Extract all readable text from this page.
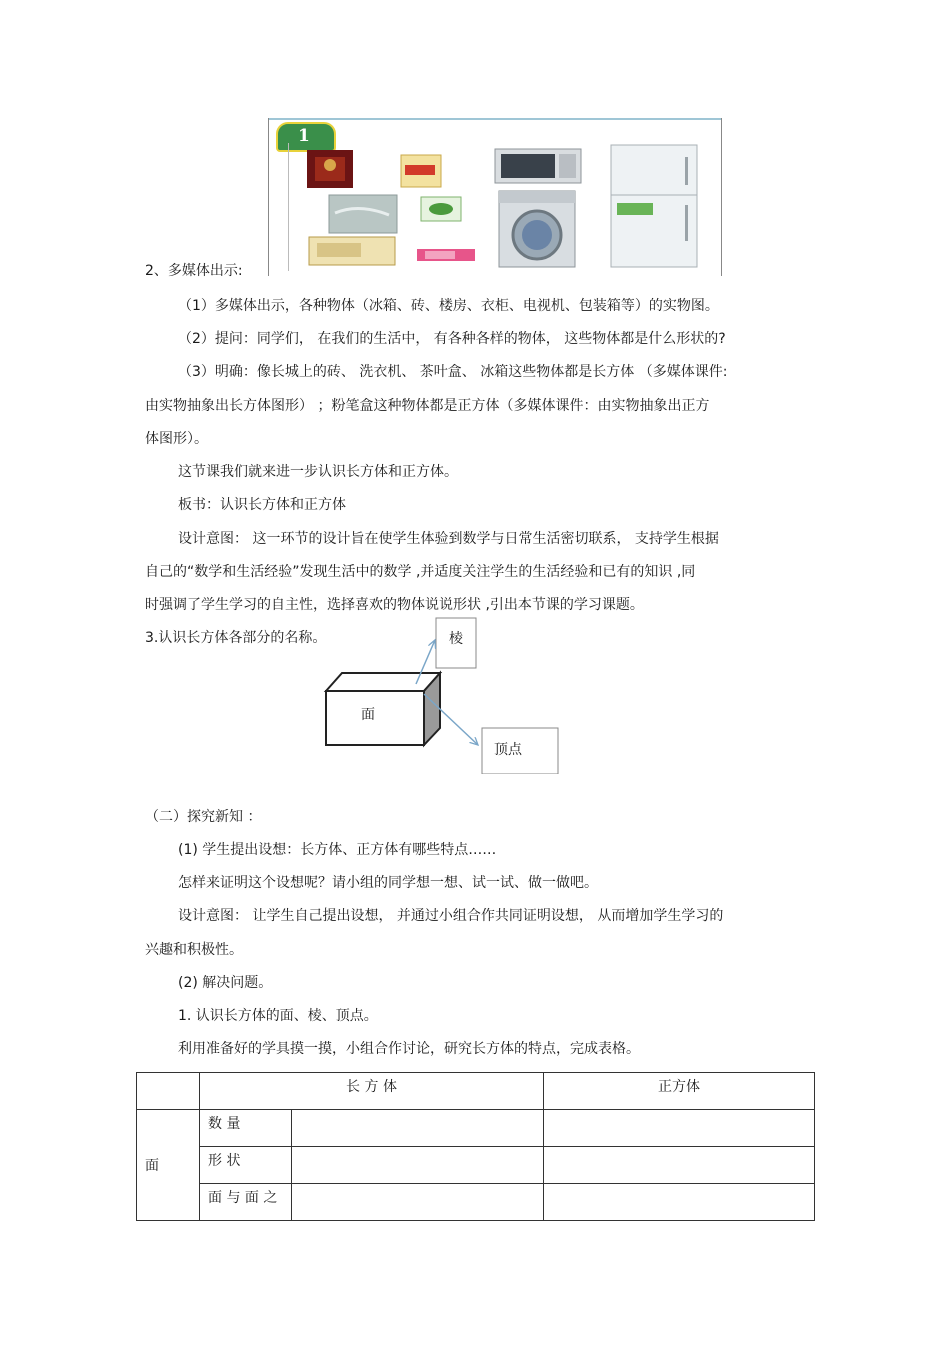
1
2、多媒体出示:
（1）多媒体出示，各种物体（冰箱、砖、楼房、衣柜、电视机、包装箱等）的实物图。
（2）提问：同学们， 在我们的生活中， 有各种各样的物体， 这些物体都是什么形状的?
（3）明确：像长城上的砖、 洗衣机、 茶叶盒、 冰箱这些物体都是长方体 （多媒体课件:
由实物抽象出长方体图形） ；粉笔盒这种物体都是正方体（多媒体课件：由实物抽象出正方
体图形）。
这节课我们就来进一步认识长方体和正方体。
板书：认识长方体和正方体
设计意图： 这一环节的设计旨在使学生体验到数学与日常生活密切联系， 支持学生根据
自己的“数学和生活经验”发现生活中的数学 ,并适度关注学生的生活经验和已有的知识 ,同
时强调了学生学习的自主性，选择喜欢的物体说说形状 ,引出本节课的学习课题。
3.认识长方体各部分的名称。	棱
面
顶点
（二）探究新知 ：
(1) 学生提出设想：长方体、正方体有哪些特点……
怎样来证明这个设想呢？请小组的同学想一想、试一试、做一做吧。
设计意图： 让学生自己提出设想， 并通过小组合作共同证明设想， 从而增加学生学习的
兴趣和积极性。
(2) 解决问题。
1. 认识长方体的面、棱、顶点。
利用准备好的学具摸一摸，小组合作讨论，研究长方体的特点，完成表格。
	长 方 体		正方体
面	数 量		
	形 状		
	面 与 面 之		
